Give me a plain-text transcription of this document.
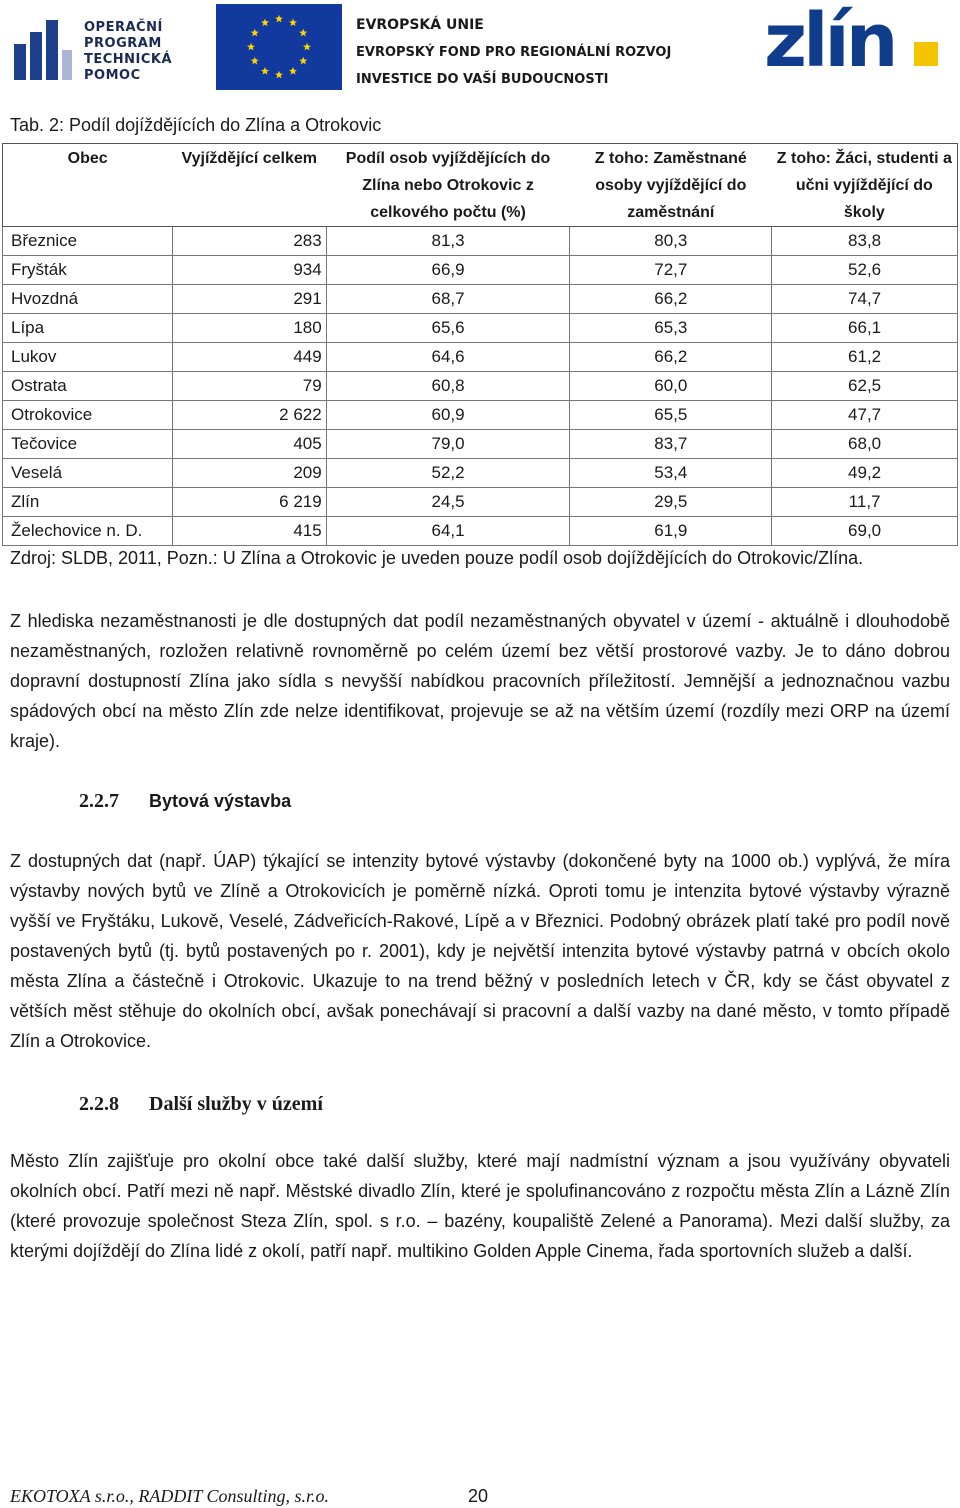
OPERAČNÍ
PROGRAM
TECHNICKÁ
POMOC
EVROPSKÁ UNIE
EVROPSKÝ FOND PRO REGIONÁLNÍ ROZVOJ
INVESTICE DO VAŠÍ BUDOUCNOSTI	zlín
Tab. 2: Podíl dojíždějících do Zlína a Otrokovic
Obec	Vyjíždějící celkem	Podíl osob vyjíždějících do Zlína nebo Otrokovic z celkového počtu (%)	Z toho: Zaměstnané osoby vyjíždějící do zaměstnání	Z toho: Žáci, studenti a učni vyjíždějící do školy
Březnice	283	81,3	80,3	83,8
Fryšták	934	66,9	72,7	52,6
Hvozdná	291	68,7	66,2	74,7
Lípa	180	65,6	65,3	66,1
Lukov	449	64,6	66,2	61,2
Ostrata	79	60,8	60,0	62,5
Otrokovice	2 622	60,9	65,5	47,7
Tečovice	405	79,0	83,7	68,0
Veselá	209	52,2	53,4	49,2
Zlín	6 219	24,5	29,5	11,7
Želechovice n. D.	415	64,1	61,9	69,0
Zdroj: SLDB, 2011, Pozn.: U Zlína a Otrokovic je uveden pouze podíl osob dojíždějících do Otrokovic/Zlína.
Z hlediska nezaměstnanosti je dle dostupných dat podíl nezaměstnaných obyvatel v území - aktuálně i dlouhodobě nezaměstnaných, rozložen relativně rovnoměrně po celém území bez větší prostorové vazby. Je to dáno dobrou dopravní dostupností Zlína jako sídla s nevyšší nabídkou pracovních příležitostí. Jemnější a jednoznačnou vazbu spádových obcí na město Zlín zde nelze identifikovat, projevuje se až na větším území (rozdíly mezi ORP na území kraje).
2.2.7 Bytová výstavba
Z dostupných dat (např. ÚAP) týkající se intenzity bytové výstavby (dokončené byty na 1000 ob.) vyplývá, že míra výstavby nových bytů ve Zlíně a Otrokovicích je poměrně nízká. Oproti tomu je intenzita bytové výstavby výrazně vyšší ve Fryštáku, Lukově, Veselé, Zádveřicích-Rakové, Lípě a v Březnici. Podobný obrázek platí také pro podíl nově postavených bytů (tj. bytů postavených po r. 2001), kdy je největší intenzita bytové výstavby patrná v obcích okolo města Zlína a částečně i Otrokovic. Ukazuje to na trend běžný v posledních letech v ČR, kdy se část obyvatel z větších měst stěhuje do okolních obcí, avšak ponechávají si pracovní a další vazby na dané město, v tomto případě Zlín a Otrokovice.
2.2.8 Další služby v území
Město Zlín zajišťuje pro okolní obce také další služby, které mají nadmístní význam a jsou využívány obyvateli okolních obcí. Patří mezi ně např. Městské divadlo Zlín, které je spolufinancováno z rozpočtu města Zlín a Lázně Zlín (které provozuje společnost Steza Zlín, spol. s r.o. – bazény, koupaliště Zelené a Panorama). Mezi další služby, za kterými dojíždějí do Zlína lidé z okolí, patří např. multikino Golden Apple Cinema, řada sportovních služeb a další.
EKOTOXA s.r.o., RADDIT Consulting, s.r.o.	20
